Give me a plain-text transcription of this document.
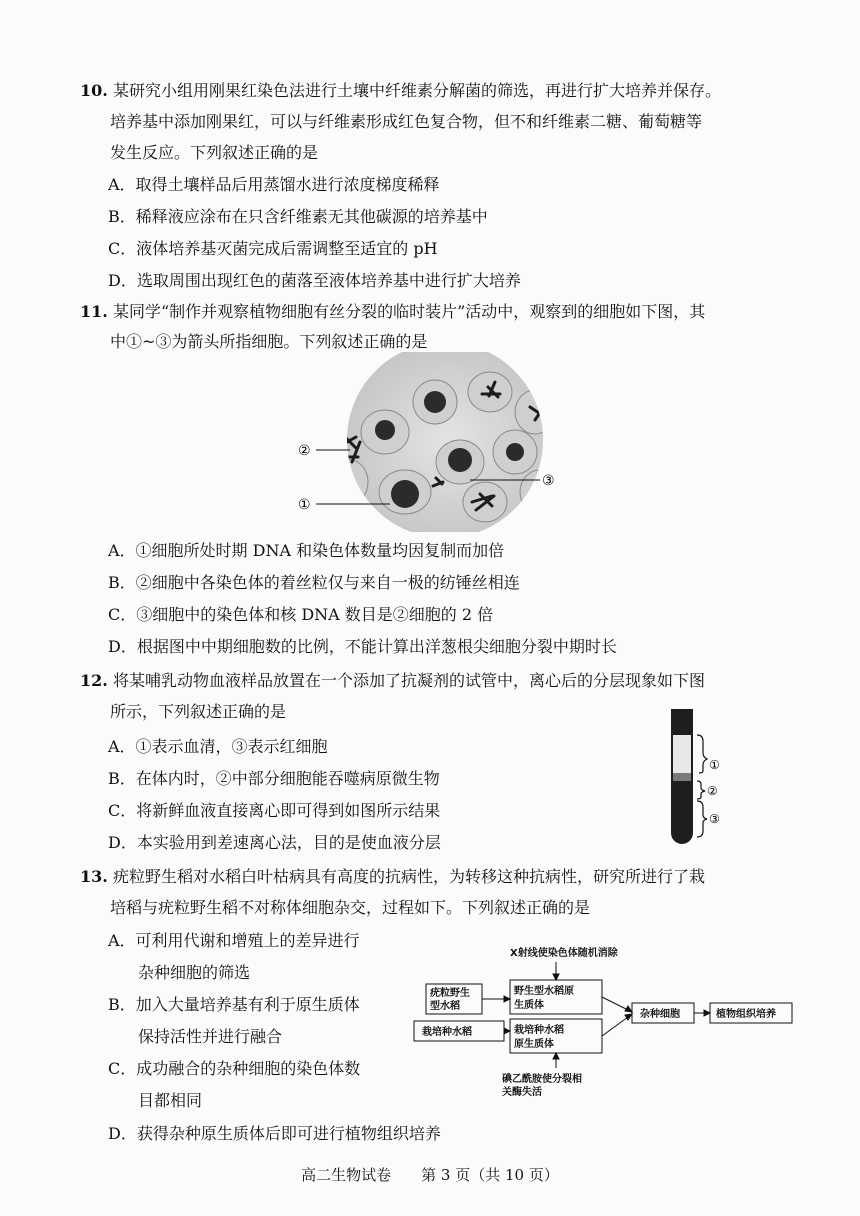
10. 某研究小组用刚果红染色法进行土壤中纤维素分解菌的筛选，再进行扩大培养并保存。
培养基中添加刚果红，可以与纤维素形成红色复合物，但不和纤维素二糖、葡萄糖等
发生反应。下列叙述正确的是
A．取得土壤样品后用蒸馏水进行浓度梯度稀释
B．稀释液应涂布在只含纤维素无其他碳源的培养基中
C．液体培养基灭菌完成后需调整至适宜的 pH
D．选取周围出现红色的菌落至液体培养基中进行扩大培养
11. 某同学“制作并观察植物细胞有丝分裂的临时装片”活动中，观察到的细胞如下图，其
中①~③为箭头所指细胞。下列叙述正确的是
②
③
①
A．①细胞所处时期 DNA 和染色体数量均因复制而加倍
B．②细胞中各染色体的着丝粒仅与来自一极的纺锤丝相连
C．③细胞中的染色体和核 DNA 数目是②细胞的 2 倍
D．根据图中中期细胞数的比例，不能计算出洋葱根尖细胞分裂中期时长
12. 将某哺乳动物血液样品放置在一个添加了抗凝剂的试管中，离心后的分层现象如下图
所示，下列叙述正确的是
①
②
③
A．①表示血清，③表示红细胞
B．在体内时，②中部分细胞能吞噬病原微生物
C．将新鲜血液直接离心即可得到如图所示结果
D．本实验用到差速离心法，目的是使血液分层
13. 疣粒野生稻对水稻白叶枯病具有高度的抗病性，为转移这种抗病性，研究所进行了栽
培稻与疣粒野生稻不对称体细胞杂交，过程如下。下列叙述正确的是
A．可利用代谢和增殖上的差异进行
杂种细胞的筛选
B．加入大量培养基有利于原生质体
保持活性并进行融合
C．成功融合的杂种细胞的染色体数
目都相同
D．获得杂种原生质体后即可进行植物组织培养
X射线使染色体随机消除
疣粒野生
型水稻
栽培种水稻
野生型水稻原
生质体
栽培种水稻
原生质体
杂种细胞	植物组织培养
碘乙酰胺使分裂相
关酶失活
高二生物试卷　　第 3 页（共 10 页）
